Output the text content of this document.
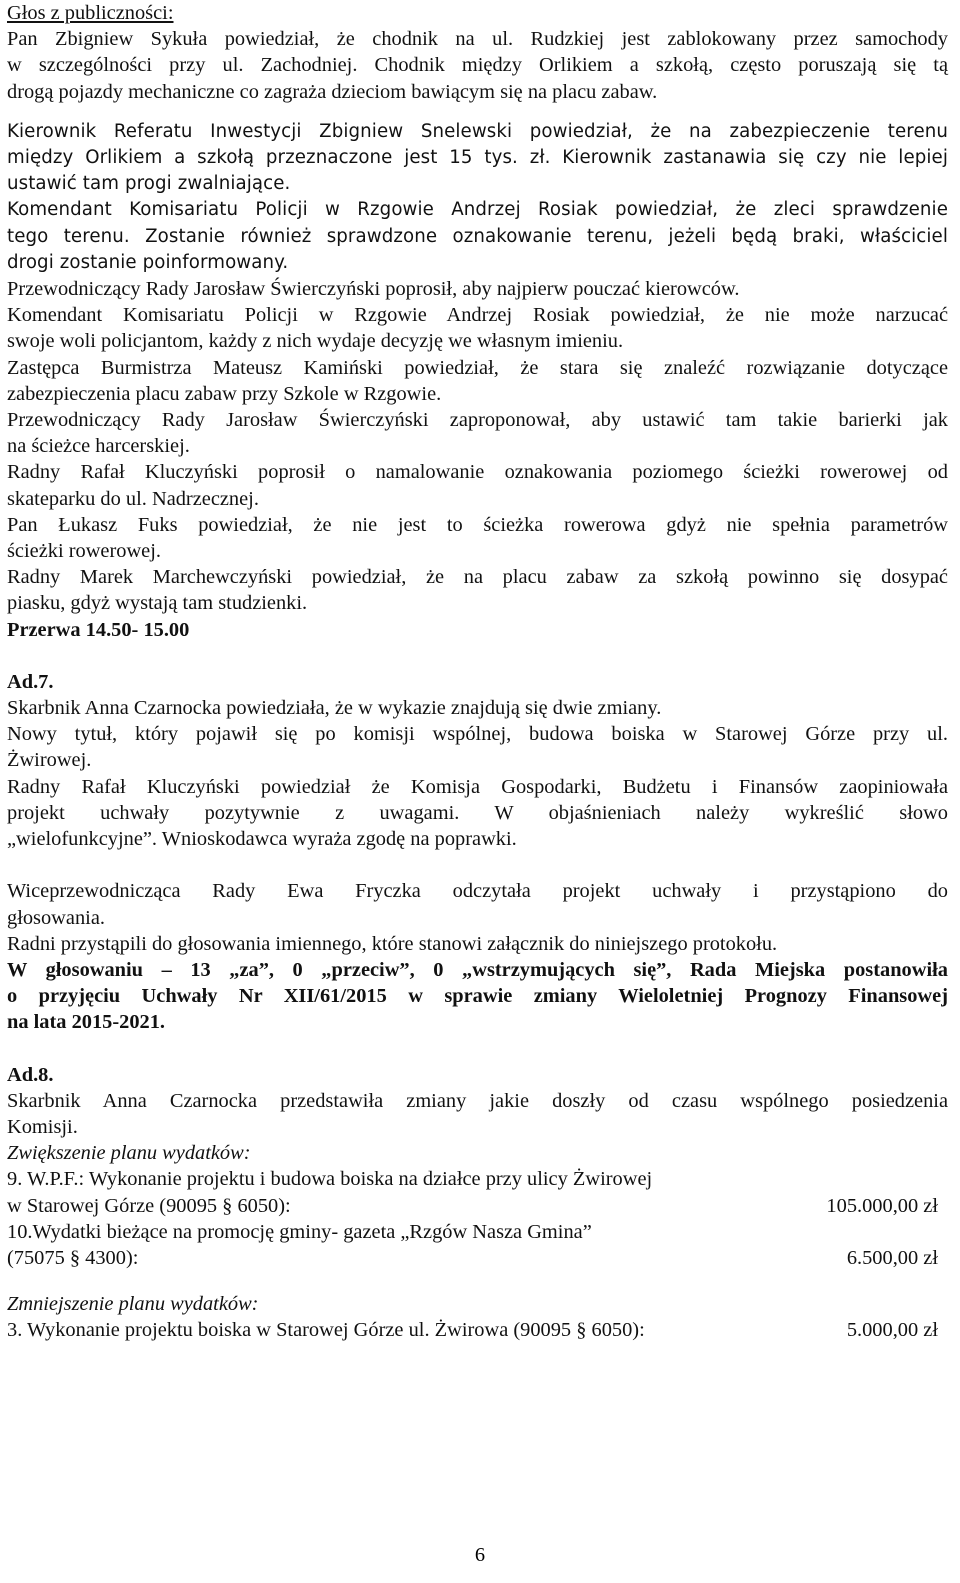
Głos z publiczności:
Pan Zbigniew Sykuła powiedział, że chodnik na ul. Rudzkiej jest zablokowany przez samochody
w szczególności przy ul. Zachodniej. Chodnik między Orlikiem a szkołą, często poruszają się tą
drogą pojazdy mechaniczne co zagraża dzieciom bawiącym się na placu zabaw.
Kierownik Referatu Inwestycji Zbigniew Snelewski powiedział, że na zabezpieczenie terenu
między Orlikiem a szkołą przeznaczone jest 15 tys. zł. Kierownik zastanawia się czy nie lepiej
ustawić tam progi zwalniające.
Komendant Komisariatu Policji w Rzgowie Andrzej Rosiak powiedział, że zleci sprawdzenie
tego terenu. Zostanie również sprawdzone oznakowanie terenu, jeżeli będą braki, właściciel
drogi zostanie poinformowany.
Przewodniczący Rady Jarosław Świerczyński poprosił, aby najpierw pouczać kierowców.
Komendant Komisariatu Policji w Rzgowie Andrzej Rosiak powiedział, że nie może narzucać
swoje woli policjantom, każdy z nich wydaje decyzję we własnym imieniu.
Zastępca Burmistrza Mateusz Kamiński powiedział, że stara się znaleźć rozwiązanie dotyczące
zabezpieczenia placu zabaw przy Szkole w Rzgowie.
Przewodniczący Rady Jarosław Świerczyński zaproponował, aby ustawić tam takie barierki jak
na ścieżce harcerskiej.
Radny Rafał Kluczyński poprosił o namalowanie oznakowania poziomego ścieżki rowerowej od
skateparku do ul. Nadrzecznej.
Pan Łukasz Fuks powiedział, że nie jest to ścieżka rowerowa gdyż nie spełnia parametrów
ścieżki rowerowej.
Radny Marek Marchewczyński powiedział, że na placu zabaw za szkołą powinno się dosypać
piasku, gdyż wystają tam studzienki.
Przerwa 14.50- 15.00
Ad.7.
Skarbnik Anna Czarnocka powiedziała, że w wykazie znajdują się dwie zmiany.
Nowy tytuł, który pojawił się po komisji wspólnej, budowa boiska w Starowej Górze przy ul.
Żwirowej.
Radny Rafał Kluczyński powiedział że Komisja Gospodarki, Budżetu i Finansów zaopiniowała
projekt uchwały pozytywnie z uwagami. W objaśnieniach należy wykreślić słowo
„wielofunkcyjne”. Wnioskodawca wyraża zgodę na poprawki.
Wiceprzewodnicząca Rady Ewa Fryczka odczytała projekt uchwały i przystąpiono do
głosowania.
Radni przystąpili do głosowania imiennego, które stanowi załącznik do niniejszego protokołu.
W głosowaniu – 13 „za”, 0 „przeciw”, 0 „wstrzymujących się”, Rada Miejska postanowiła
o przyjęciu Uchwały Nr XII/61/2015 w sprawie zmiany Wieloletniej Prognozy Finansowej
na lata 2015-2021.
Ad.8.
Skarbnik Anna Czarnocka przedstawiła zmiany jakie doszły od czasu wspólnego posiedzenia
Komisji.
Zwiększenie planu wydatków:
9. W.P.F.: Wykonanie projektu i budowa boiska na działce przy ulicy Żwirowej
w Starowej Górze (90095 § 6050):	105.000,00 zł
10.Wydatki bieżące na promocję gminy- gazeta „Rzgów Nasza Gmina”
(75075 § 4300):	6.500,00 zł
Zmniejszenie planu wydatków:
3. Wykonanie projektu boiska w Starowej Górze ul. Żwirowa (90095 § 6050):	5.000,00 zł
6
